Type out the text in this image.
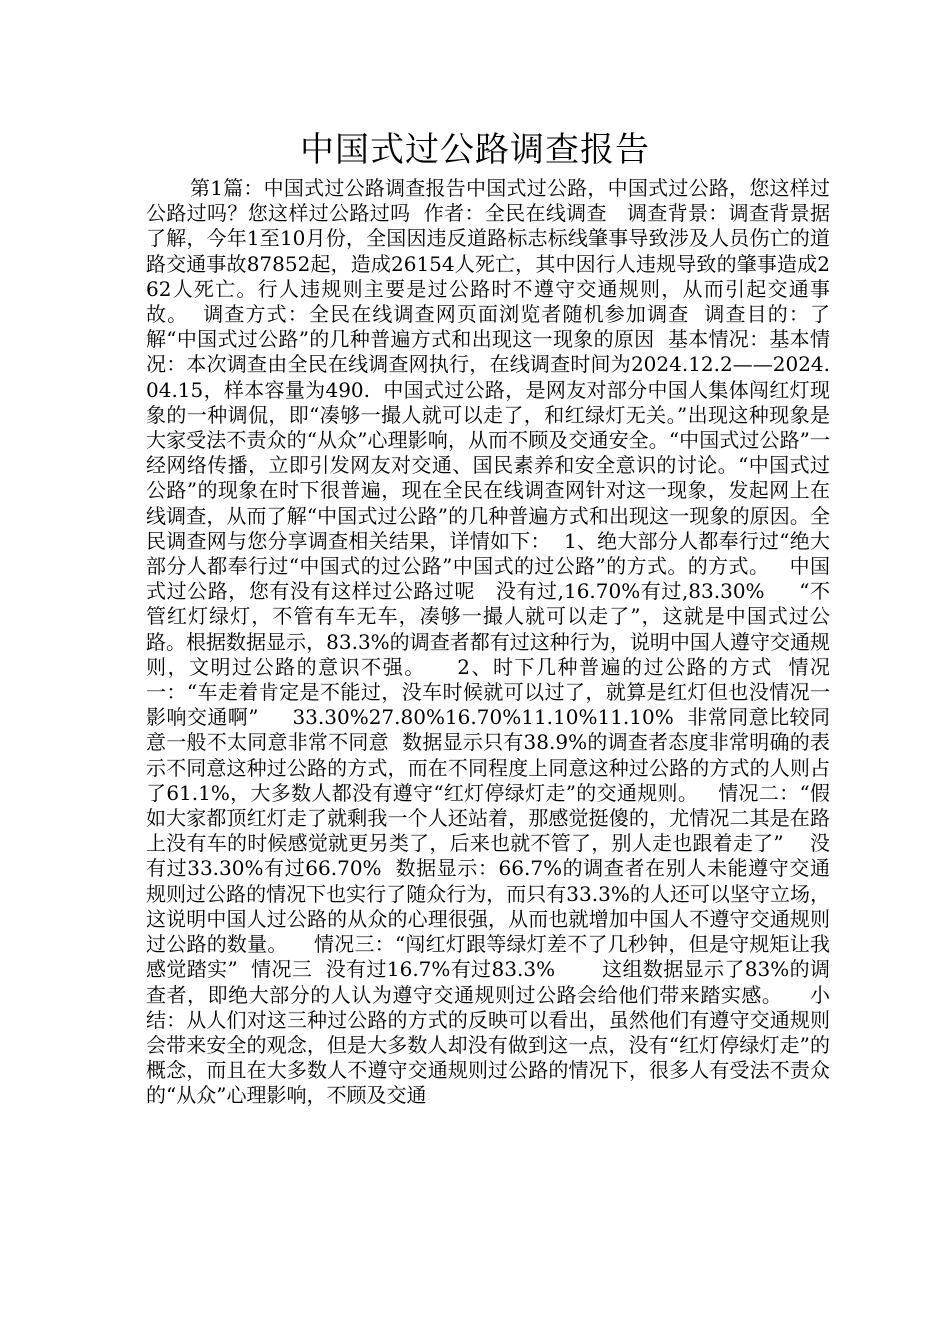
中国式过公路调查报告

第1篇：中国式过公路调查报告中国式过公路，中国式过公路，您这样过公路过吗？您这样过公路过吗  作者：全民在线调查   调查背景：调查背景据了解，今年1至10月份，全国因违反道路标志标线肇事导致涉及人员伤亡的道路交通事故87852起，造成26154人死亡，其中因行人违规导致的肇事造成262人死亡。行人违规则主要是过公路时不遵守交通规则，从而引起交通事故。  调查方式：全民在线调查网页面浏览者随机参加调查  调查目的：了解“中国式过公路”的几种普遍方式和出现这一现象的原因  基本情况：基本情况：本次调查由全民在线调查网执行，在线调查时间为2024.12.2——2024.04.15，样本容量为490.  中国式过公路，是网友对部分中国人集体闯红灯现象的一种调侃，即“凑够一撮人就可以走了，和红绿灯无关。”出现这种现象是大家受法不责众的“从众”心理影响，从而不顾及交通安全。“中国式过公路”一经网络传播，立即引发网友对交通、国民素养和安全意识的讨论。“中国式过公路”的现象在时下很普遍，现在全民在线调查网针对这一现象，发起网上在线调查，从而了解“中国式过公路”的几种普遍方式和出现这一现象的原因。全民调查网与您分享调查相关结果，详情如下：  1、绝大部分人都奉行过“绝大部分人都奉行过“中国式的过公路”中国式的过公路”的方式。的方式。   中国式过公路，您有没有这样过公路过呢   没有过,16.70%有过,83.30%     “不管红灯绿灯，不管有车无车，凑够一撮人就可以走了”，这就是中国式过公路。根据数据显示，83.3%的调查者都有过这种行为，说明中国人遵守交通规则，文明过公路的意识不强。    2、时下几种普遍的过公路的方式  情况一：“车走着肯定是不能过，没车时候就可以过了，就算是红灯但也没情况一影响交通啊”     33.30%27.80%16.70%11.10%11.10%  非常同意比较同意一般不太同意非常不同意  数据显示只有38.9%的调查者态度非常明确的表示不同意这种过公路的方式，而在不同程度上同意这种过公路的方式的人则占了61.1%，大多数人都没有遵守“红灯停绿灯走”的交通规则。   情况二：“假如大家都顶红灯走了就剩我一个人还站着，那感觉挺傻的，尤情况二其是在路上没有车的时候感觉就更另类了，后来也就不管了，别人走也跟着走了”    没有过33.30%有过66.70%  数据显示：66.7%的调查者在别人未能遵守交通规则过公路的情况下也实行了随众行为，而只有33.3%的人还可以坚守立场，这说明中国人过公路的从众的心理很强，从而也就增加中国人不遵守交通规则过公路的数量。    情况三：“闯红灯跟等绿灯差不了几秒钟，但是守规矩让我感觉踏实”  情况三  没有过16.7%有过83.3%       这组数据显示了83%的调查者，即绝大部分的人认为遵守交通规则过公路会给他们带来踏实感。    小结：从人们对这三种过公路的方式的反映可以看出，虽然他们有遵守交通规则会带来安全的观念，但是大多数人却没有做到这一点，没有“红灯停绿灯走”的概念，而且在大多数人不遵守交通规则过公路的情况下，很多人有受法不责众的“从众”心理影响，不顾及交通
